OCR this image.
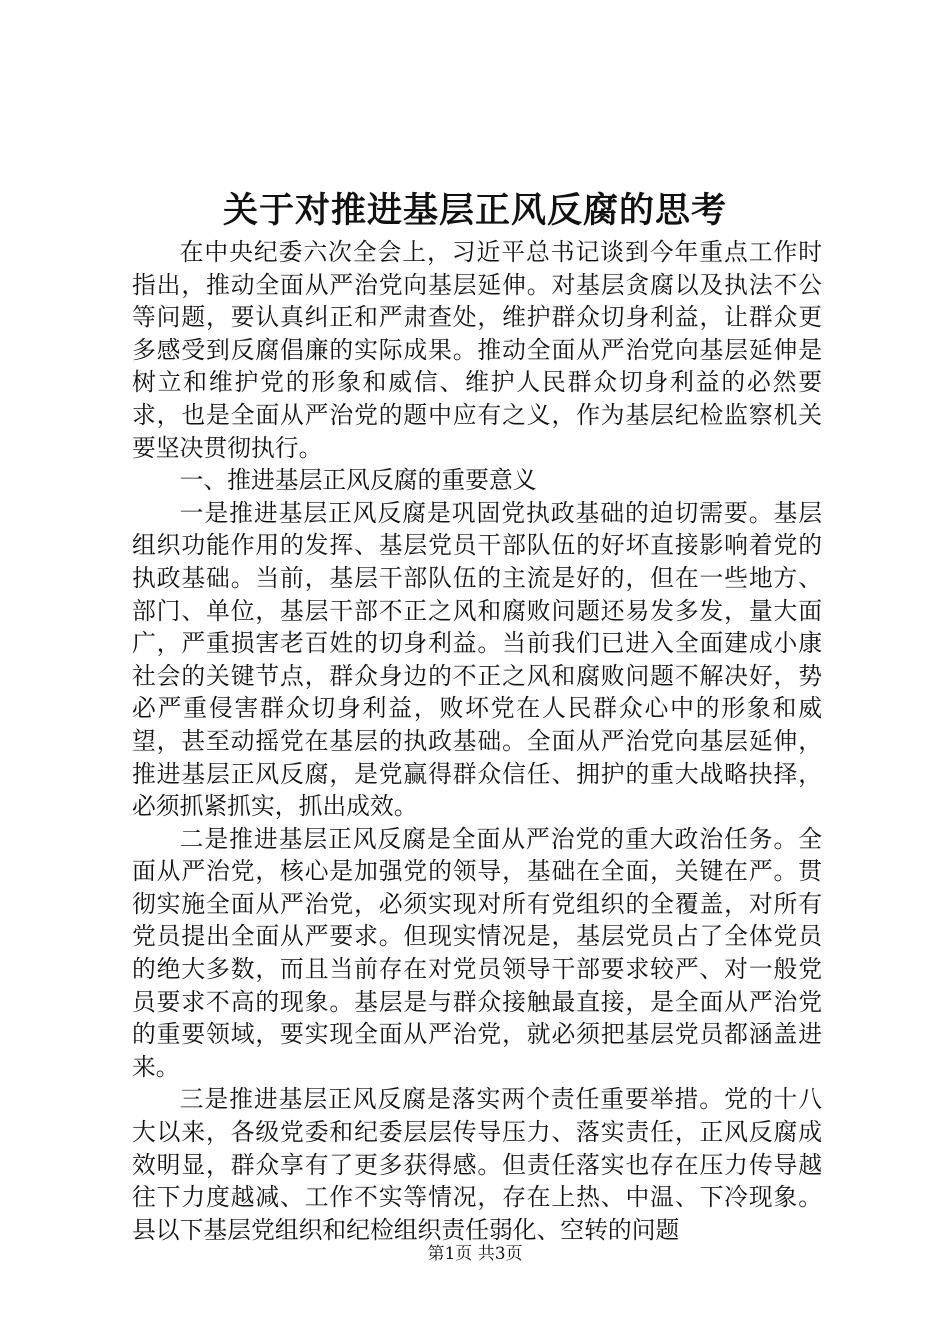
关于对推进基层正风反腐的思考

在中央纪委六次全会上，习近平总书记谈到今年重点工作时指出，推动全面从严治党向基层延伸。对基层贪腐以及执法不公等问题，要认真纠正和严肃查处，维护群众切身利益，让群众更多感受到反腐倡廉的实际成果。推动全面从严治党向基层延伸是树立和维护党的形象和威信、维护人民群众切身利益的必然要求，也是全面从严治党的题中应有之义，作为基层纪检监察机关要坚决贯彻执行。

一、推进基层正风反腐的重要意义

一是推进基层正风反腐是巩固党执政基础的迫切需要。基层组织功能作用的发挥、基层党员干部队伍的好坏直接影响着党的执政基础。当前，基层干部队伍的主流是好的，但在一些地方、部门、单位，基层干部不正之风和腐败问题还易发多发，量大面广，严重损害老百姓的切身利益。当前我们已进入全面建成小康社会的关键节点，群众身边的不正之风和腐败问题不解决好，势必严重侵害群众切身利益，败坏党在人民群众心中的形象和威望，甚至动摇党在基层的执政基础。全面从严治党向基层延伸，推进基层正风反腐，是党赢得群众信任、拥护的重大战略抉择，必须抓紧抓实，抓出成效。

二是推进基层正风反腐是全面从严治党的重大政治任务。全面从严治党，核心是加强党的领导，基础在全面，关键在严。贯彻实施全面从严治党，必须实现对所有党组织的全覆盖，对所有党员提出全面从严要求。但现实情况是，基层党员占了全体党员的绝大多数，而且当前存在对党员领导干部要求较严、对一般党员要求不高的现象。基层是与群众接触最直接，是全面从严治党的重要领域，要实现全面从严治党，就必须把基层党员都涵盖进来。

三是推进基层正风反腐是落实两个责任重要举措。党的十八大以来，各级党委和纪委层层传导压力、落实责任，正风反腐成效明显，群众享有了更多获得感。但责任落实也存在压力传导越往下力度越减、工作不实等情况，存在上热、中温、下冷现象。县以下基层党组织和纪检组织责任弱化、空转的问题

第1页 共3页
